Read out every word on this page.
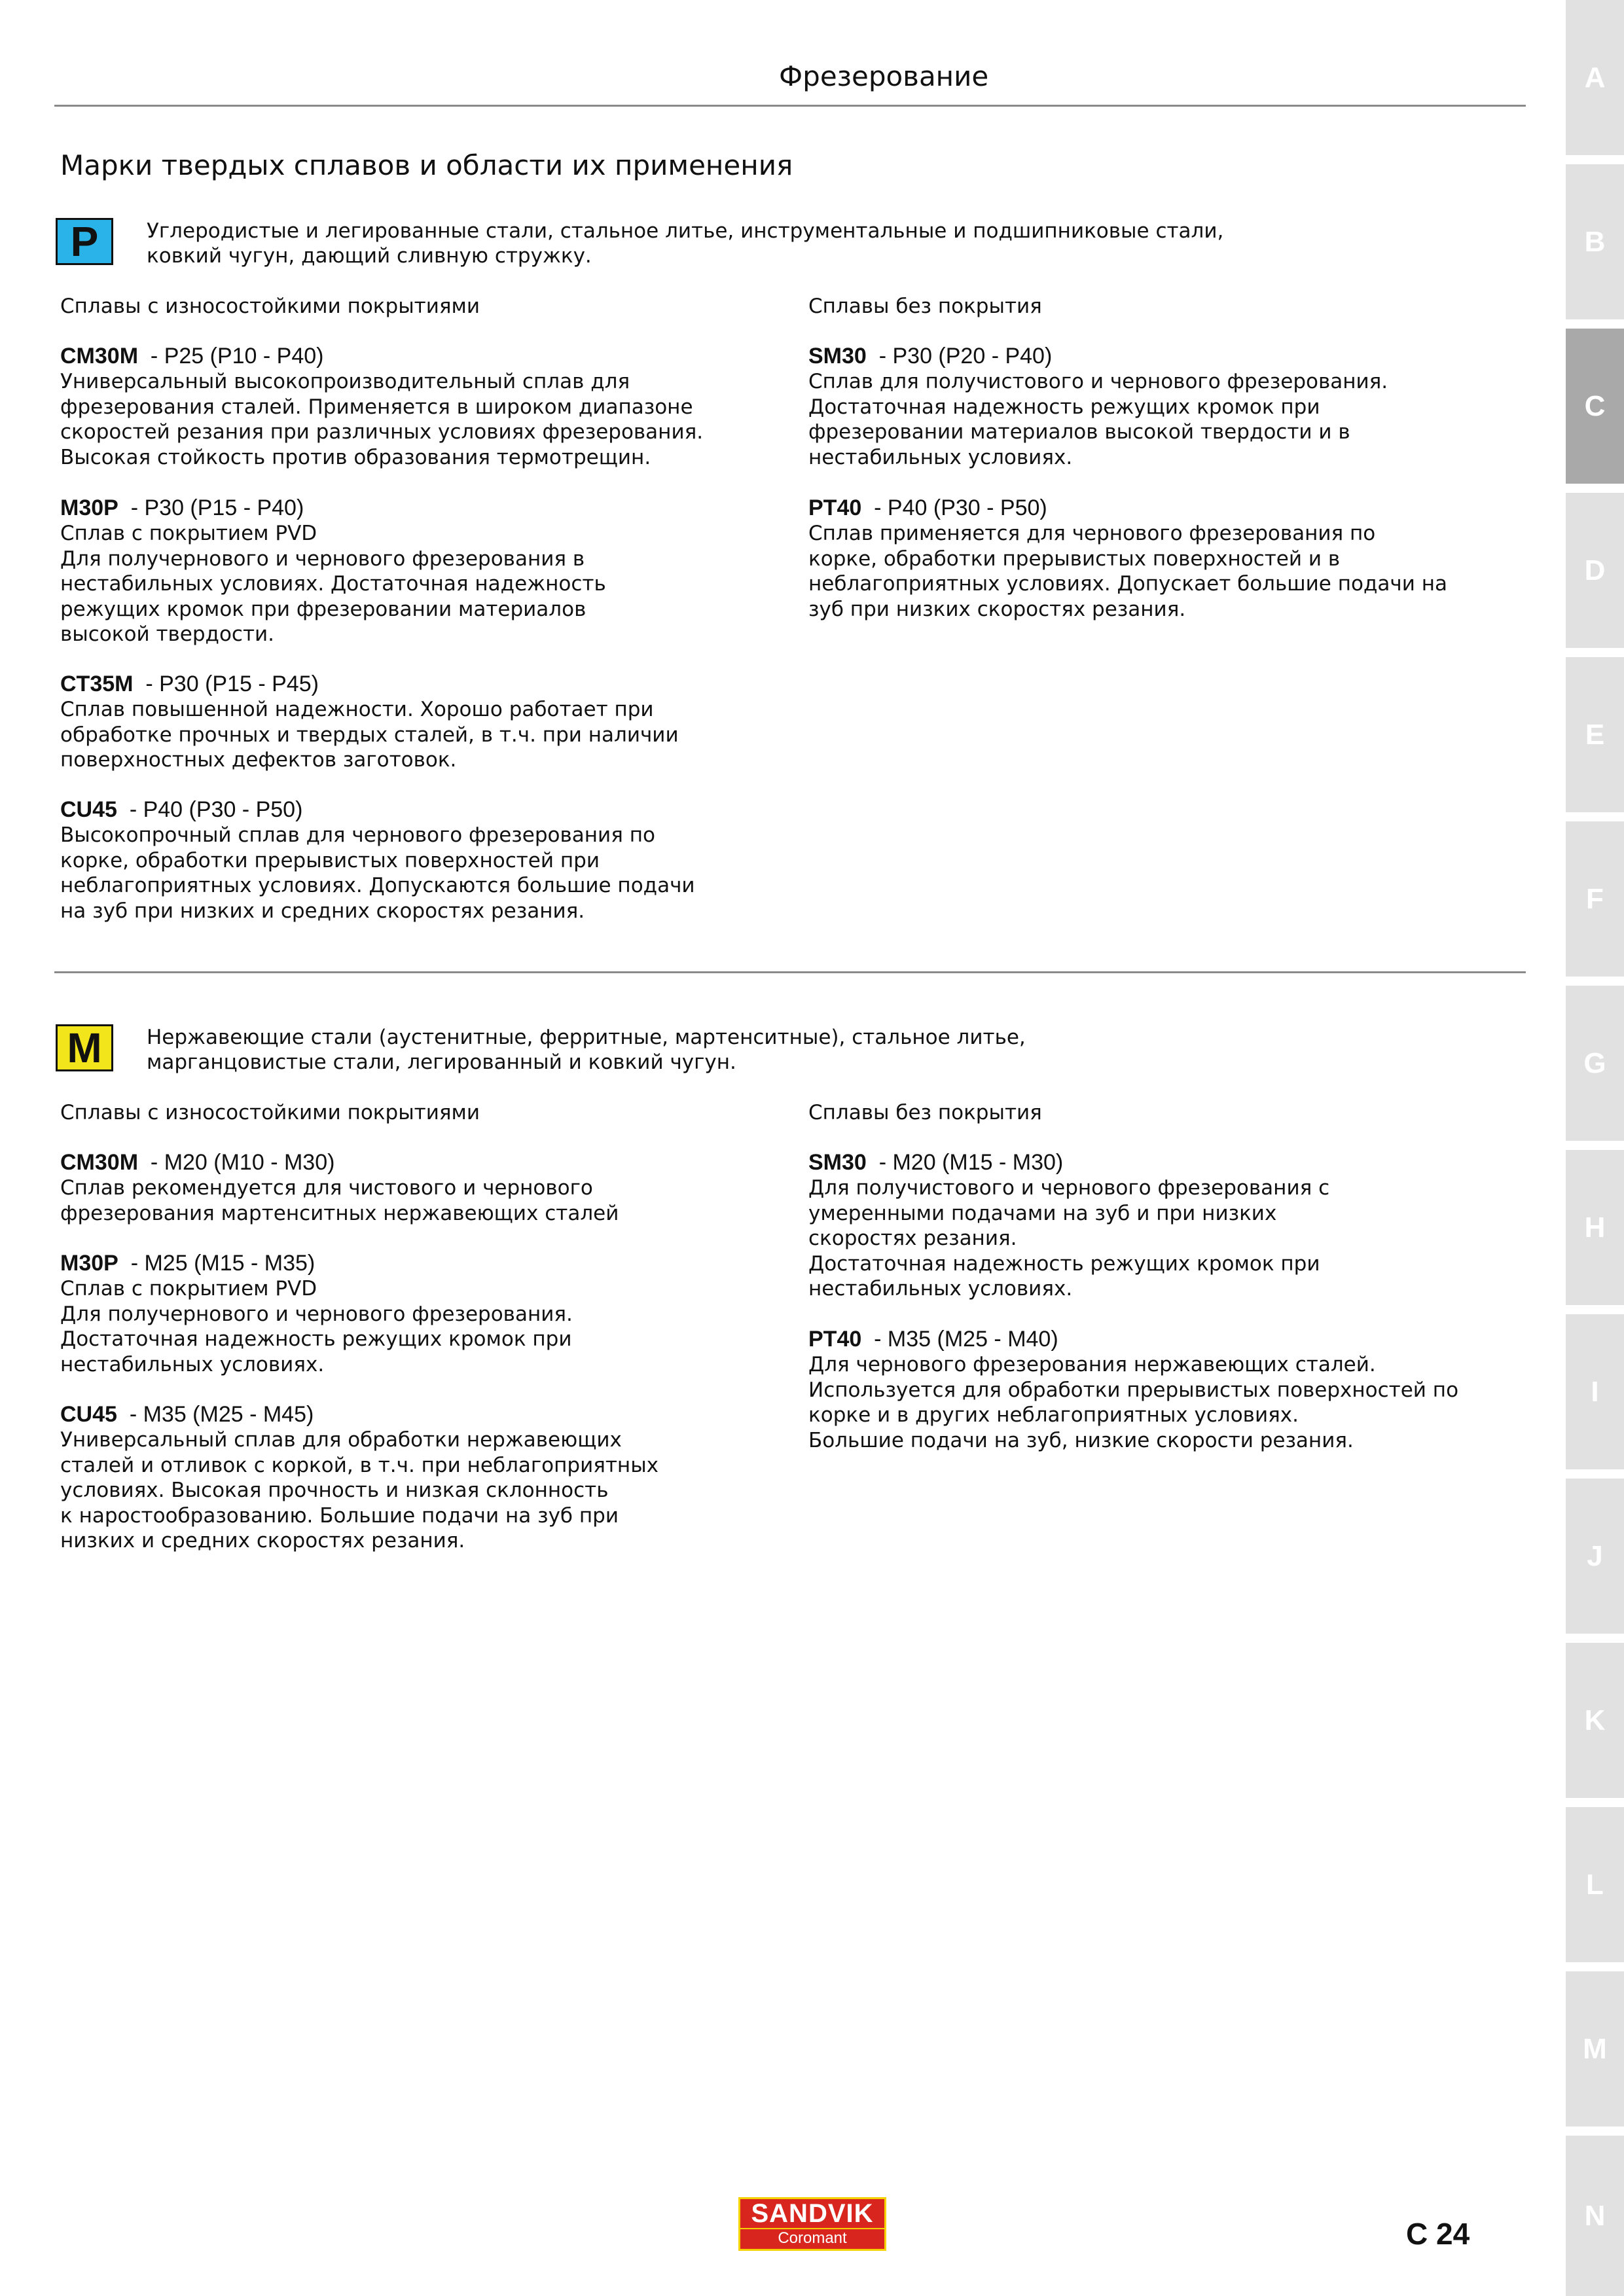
Фрезерование
Марки твердых сплавов и области их применения
P	Углеродистые и легированные стали, стальное литье, инструментальные и подшипниковые стали,
ковкий чугун, дающий сливную стружку.
Сплавы с износостойкими покрытиями	Сплавы без покрытия
CM30M  - P25 (P10 - P40)
Универсальный высокопроизводительный сплав для
фрезерования сталей. Применяется в широком диапазоне
скоростей резания при различных условиях фрезерования.
Высокая стойкость против образования термотрещин.
M30P  - P30 (P15 - P40)
Сплав с покрытием PVD
Для получернового и чернового фрезерования в
нестабильных условиях. Достаточная надежность
режущих кромок при фрезеровании материалов
высокой твердости.
CT35M  - P30 (P15 - P45)
Сплав повышенной надежности. Хорошо работает при
обработке прочных и твердых сталей, в т.ч. при наличии
поверхностных дефектов заготовок.
CU45  - P40 (P30 - P50)
Высокопрочный сплав для чернового фрезерования по
корке, обработки прерывистых поверхностей при
неблагоприятных условиях. Допускаются большие подачи
на зуб при низких и средних скоростях резания.
SM30  - P30 (P20 - P40)
Сплав для получистового и чернового фрезерования.
Достаточная надежность режущих кромок при
фрезеровании материалов высокой твердости и в
нестабильных условиях.
PT40  - P40 (P30 - P50)
Сплав применяется для чернового фрезерования по
корке, обработки прерывистых поверхностей и в
неблагоприятных условиях. Допускает большие подачи на
зуб при низких скоростях резания.
M	Нержавеющие стали (аустенитные, ферритные, мартенситные), стальное литье,
марганцовистые стали, легированный и ковкий чугун.
Сплавы с износостойкими покрытиями	Сплавы без покрытия
CM30M  - M20 (M10 - M30)
Сплав рекомендуется для чистового и чернового
фрезерования мартенситных нержавеющих сталей
M30P  - M25 (M15 - M35)
Сплав с покрытием PVD
Для получернового и чернового фрезерования.
Достаточная надежность режущих кромок при
нестабильных условиях.
CU45  - M35 (M25 - M45)
Универсальный сплав для обработки нержавеющих
сталей и отливок с коркой, в т.ч. при неблагоприятных
условиях. Высокая прочность и низкая склонность
к наростообразованию. Большие подачи на зуб при
низких и средних скоростях резания.
SM30  - M20 (M15 - M30)
Для получистового и чернового фрезерования с
умеренными подачами на зуб и при низких
скоростях резания.
Достаточная надежность режущих кромок при
нестабильных условиях.
PT40  - M35 (M25 - M40)
Для чернового фрезерования нержавеющих сталей.
Используется для обработки прерывистых поверхностей по
корке и в других неблагоприятных условиях.
Большие подачи на зуб, низкие скорости резания.
A
B
C
D
E
F
G
H
I
J
K
L
M
N
SANDVIK
Coromant	C 24
